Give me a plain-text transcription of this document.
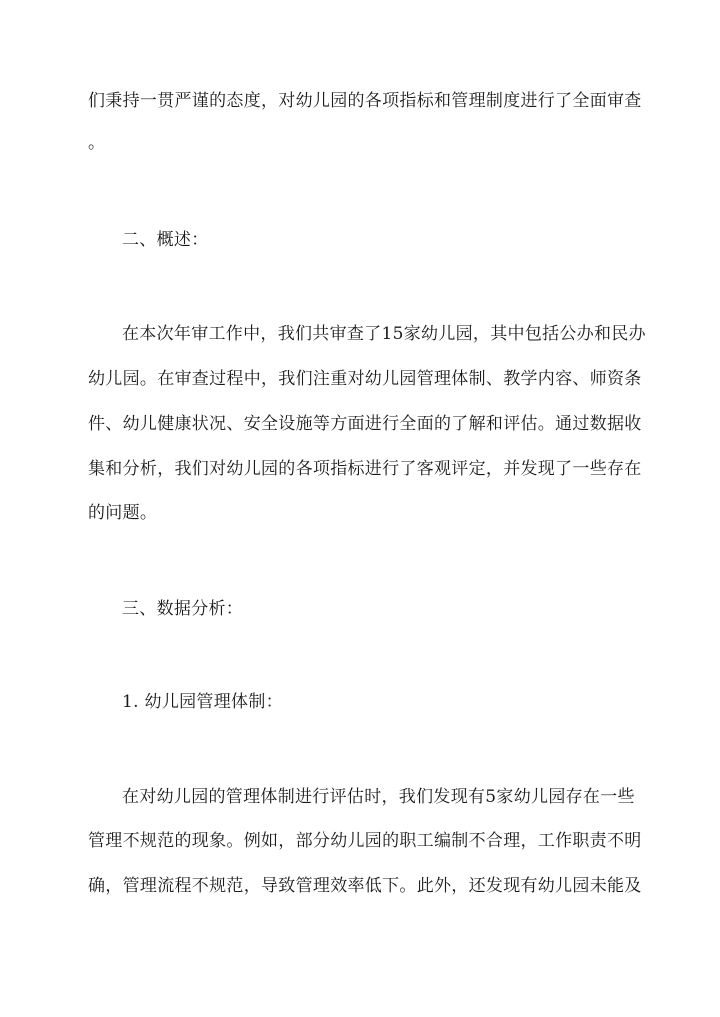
们秉持一贯严谨的态度，对幼儿园的各项指标和管理制度进行了全面审查
。
二、概述：
在本次年审工作中，我们共审查了15家幼儿园，其中包括公办和民办
幼儿园。在审查过程中，我们注重对幼儿园管理体制、教学内容、师资条
件、幼儿健康状况、安全设施等方面进行全面的了解和评估。通过数据收
集和分析，我们对幼儿园的各项指标进行了客观评定，并发现了一些存在
的问题。
三、数据分析：
1. 幼儿园管理体制：
在对幼儿园的管理体制进行评估时，我们发现有5家幼儿园存在一些
管理不规范的现象。例如，部分幼儿园的职工编制不合理，工作职责不明
确，管理流程不规范，导致管理效率低下。此外，还发现有幼儿园未能及
